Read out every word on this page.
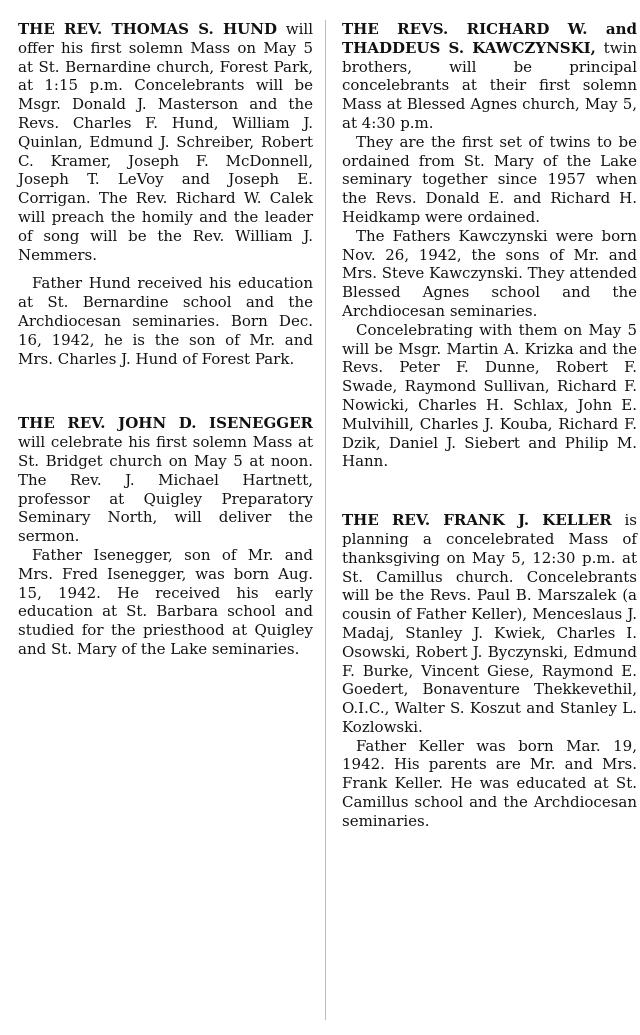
THE REV. THOMAS S. HUND will offer his first solemn Mass on May 5 at St. Bernardine church, Forest Park, at 1:15 p.m. Concelebrants will be Msgr. Donald J. Masterson and the Revs. Charles F. Hund, William J. Quinlan, Edmund J. Schreiber, Robert C. Kramer, Joseph F. McDonnell, Joseph T. LeVoy and Joseph E. Corrigan. The Rev. Richard W. Calek will preach the homily and the leader of song will be the Rev. William J. Nemmers.

Father Hund received his education at St. Bernardine school and the Archdiocesan seminaries. Born Dec. 16, 1942, he is the son of Mr. and Mrs. Charles J. Hund of Forest Park.

THE REV. JOHN D. ISENEGGER will celebrate his first solemn Mass at St. Bridget church on May 5 at noon. The Rev. J. Michael Hartnett, professor at Quigley Preparatory Seminary North, will deliver the sermon.

Father Isenegger, son of Mr. and Mrs. Fred Isenegger, was born Aug. 15, 1942. He received his early education at St. Barbara school and studied for the priesthood at Quigley and St. Mary of the Lake seminaries.

THE REVS. RICHARD W. and THADDEUS S. KAWCZYNSKI, twin brothers, will be principal concelebrants at their first solemn Mass at Blessed Agnes church, May 5, at 4:30 p.m.

They are the first set of twins to be ordained from St. Mary of the Lake seminary together since 1957 when the Revs. Donald E. and Richard H. Heidkamp were ordained.

The Fathers Kawczynski were born Nov. 26, 1942, the sons of Mr. and Mrs. Steve Kawczynski. They attended Blessed Agnes school and the Archdiocesan seminaries.

Concelebrating with them on May 5 will be Msgr. Martin A. Krizka and the Revs. Peter F. Dunne, Robert F. Swade, Raymond Sullivan, Richard F. Nowicki, Charles H. Schlax, John E. Mulvihill, Charles J. Kouba, Richard F. Dzik, Daniel J. Siebert and Philip M. Hann.

THE REV. FRANK J. KELLER is planning a concelebrated Mass of thanksgiving on May 5, 12:30 p.m. at St. Camillus church. Concelebrants will be the Revs. Paul B. Marszalek (a cousin of Father Keller), Menceslaus J. Madaj, Stanley J. Kwiek, Charles I. Osowski, Robert J. Byczynski, Edmund F. Burke, Vincent Giese, Raymond E. Goedert, Bonaventure Thekkevethil, O.I.C., Walter S. Koszut and Stanley L. Kozlowski.

Father Keller was born Mar. 19, 1942. His parents are Mr. and Mrs. Frank Keller. He was educated at St. Camillus school and the Archdiocesan seminaries.
